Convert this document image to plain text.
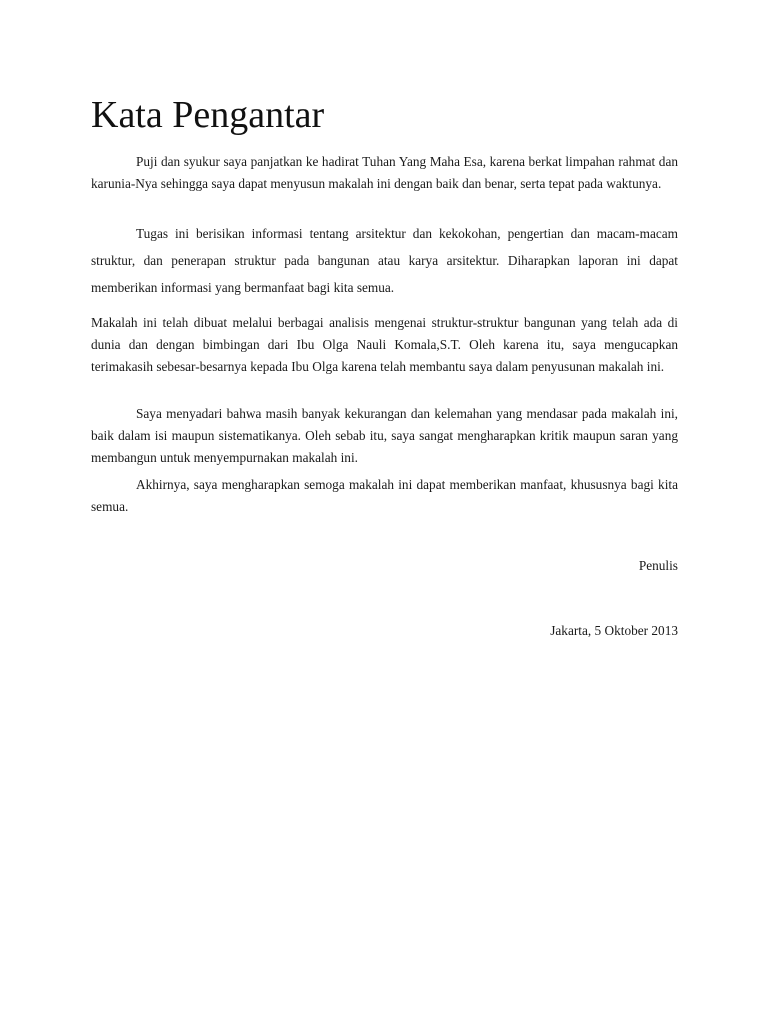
Kata Pengantar

Puji dan syukur saya panjatkan ke hadirat Tuhan Yang Maha Esa, karena berkat limpahan rahmat dan karunia-Nya sehingga saya dapat menyusun makalah ini dengan baik dan benar, serta tepat pada waktunya.

Tugas ini berisikan informasi tentang arsitektur dan kekokohan, pengertian dan macam-macam struktur, dan penerapan struktur pada bangunan atau karya arsitektur. Diharapkan laporan ini dapat memberikan informasi yang bermanfaat bagi kita semua.

Makalah ini telah dibuat melalui berbagai analisis mengenai struktur-struktur bangunan yang telah ada di dunia dan dengan bimbingan dari Ibu Olga Nauli Komala,S.T. Oleh karena itu, saya mengucapkan terimakasih sebesar-besarnya kepada Ibu Olga karena telah membantu saya dalam penyusunan makalah ini.

Saya menyadari bahwa masih banyak kekurangan dan kelemahan yang mendasar pada makalah ini, baik dalam isi maupun sistematikanya. Oleh sebab itu, saya sangat mengharapkan kritik maupun saran yang membangun untuk menyempurnakan makalah ini.

Akhirnya, saya mengharapkan semoga makalah ini dapat memberikan manfaat, khususnya bagi kita semua.

Penulis

Jakarta, 5 Oktober 2013
